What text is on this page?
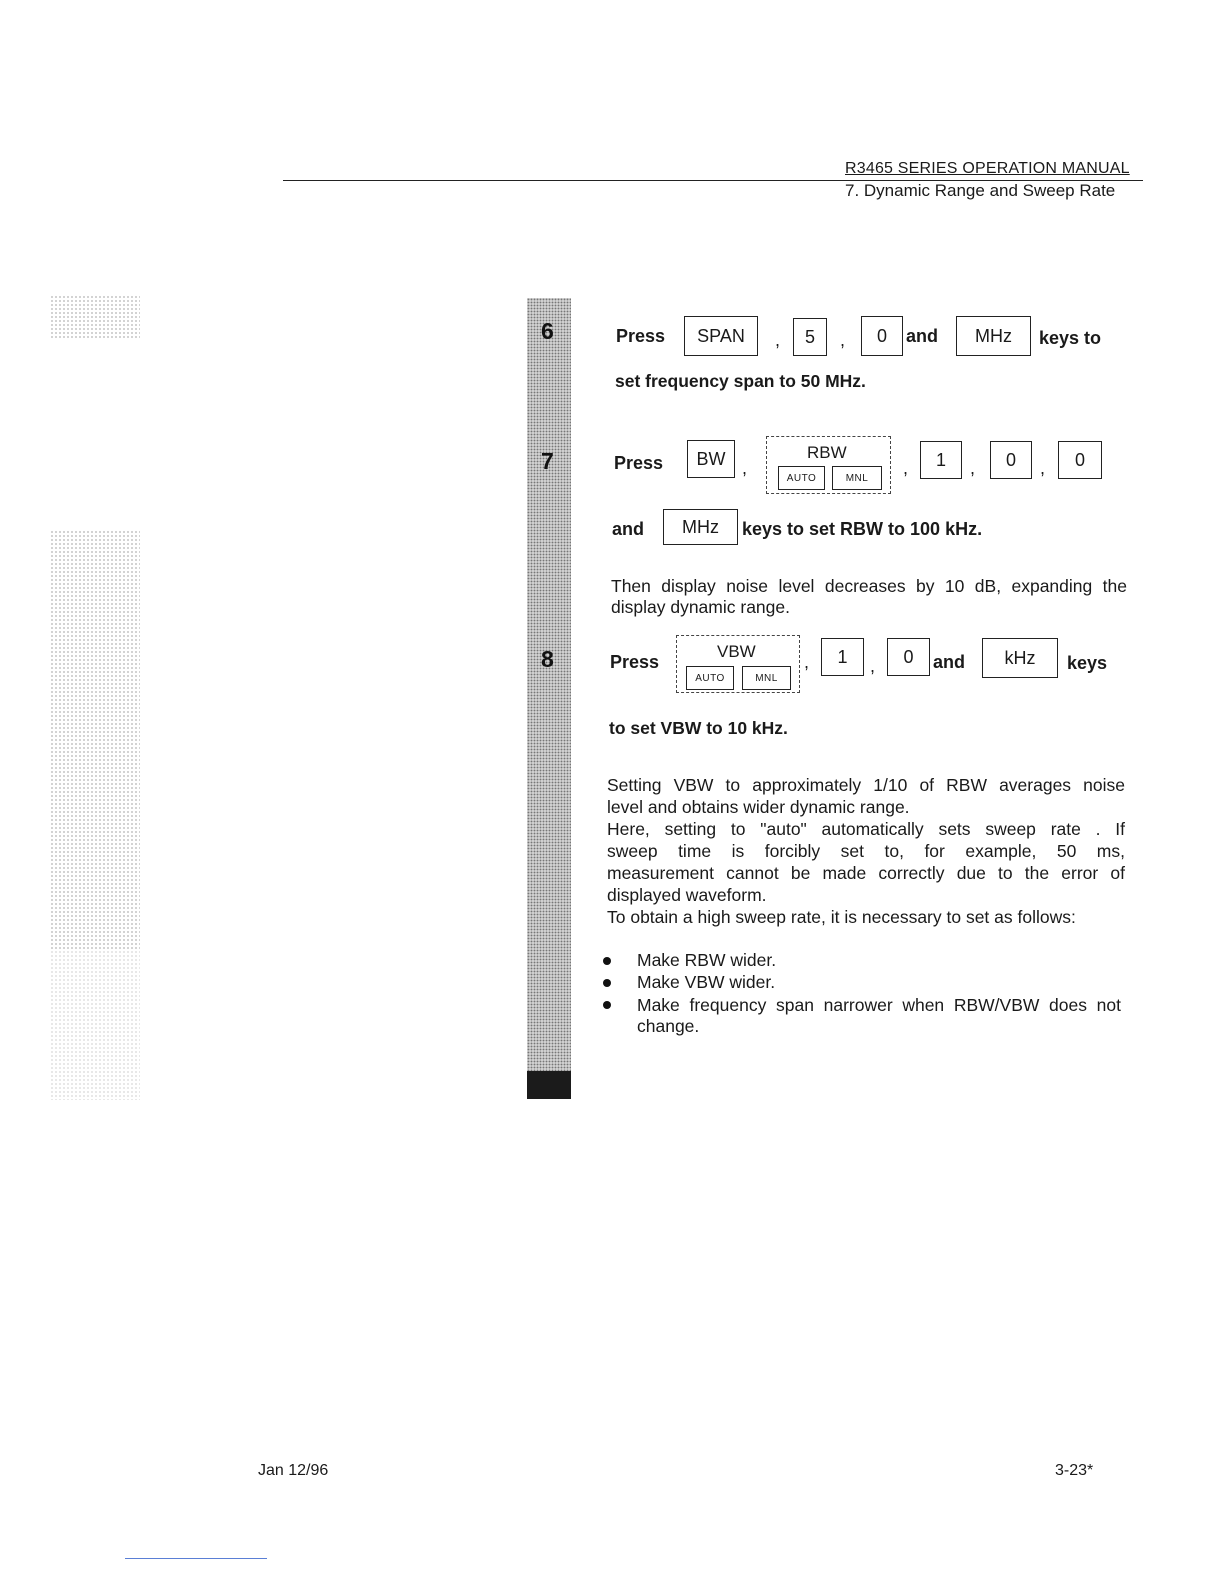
R3465 SERIES OPERATION MANUAL
7. Dynamic Range and Sweep Rate
6
7
8
Press	SPAN	,	5	,	0	and	MHz	keys to
set frequency span to 50 MHz.
Press	BW ,
RBW
AUTO	MNL	,	1	,	0	,	0
and	MHz	keys to set RBW to 100 kHz.
Then display noise level decreases by 10 dB, expanding the
display dynamic range.
Press
VBW
AUTO	MNL
,	1	,	0	and	kHz	keys
to set VBW to 10 kHz.
Setting VBW to approximately 1/10 of RBW averages noise
level and obtains wider dynamic range.
Here, setting to "auto" automatically sets sweep rate . If
sweep time is forcibly set to, for example, 50 ms,
measurement cannot be made correctly due to the error of
displayed waveform.
To obtain a high sweep rate, it is necessary to set as follows:
Make RBW wider.
Make VBW wider.
Make frequency span narrower when RBW/VBW does not
change.
Jan 12/96	3-23*
